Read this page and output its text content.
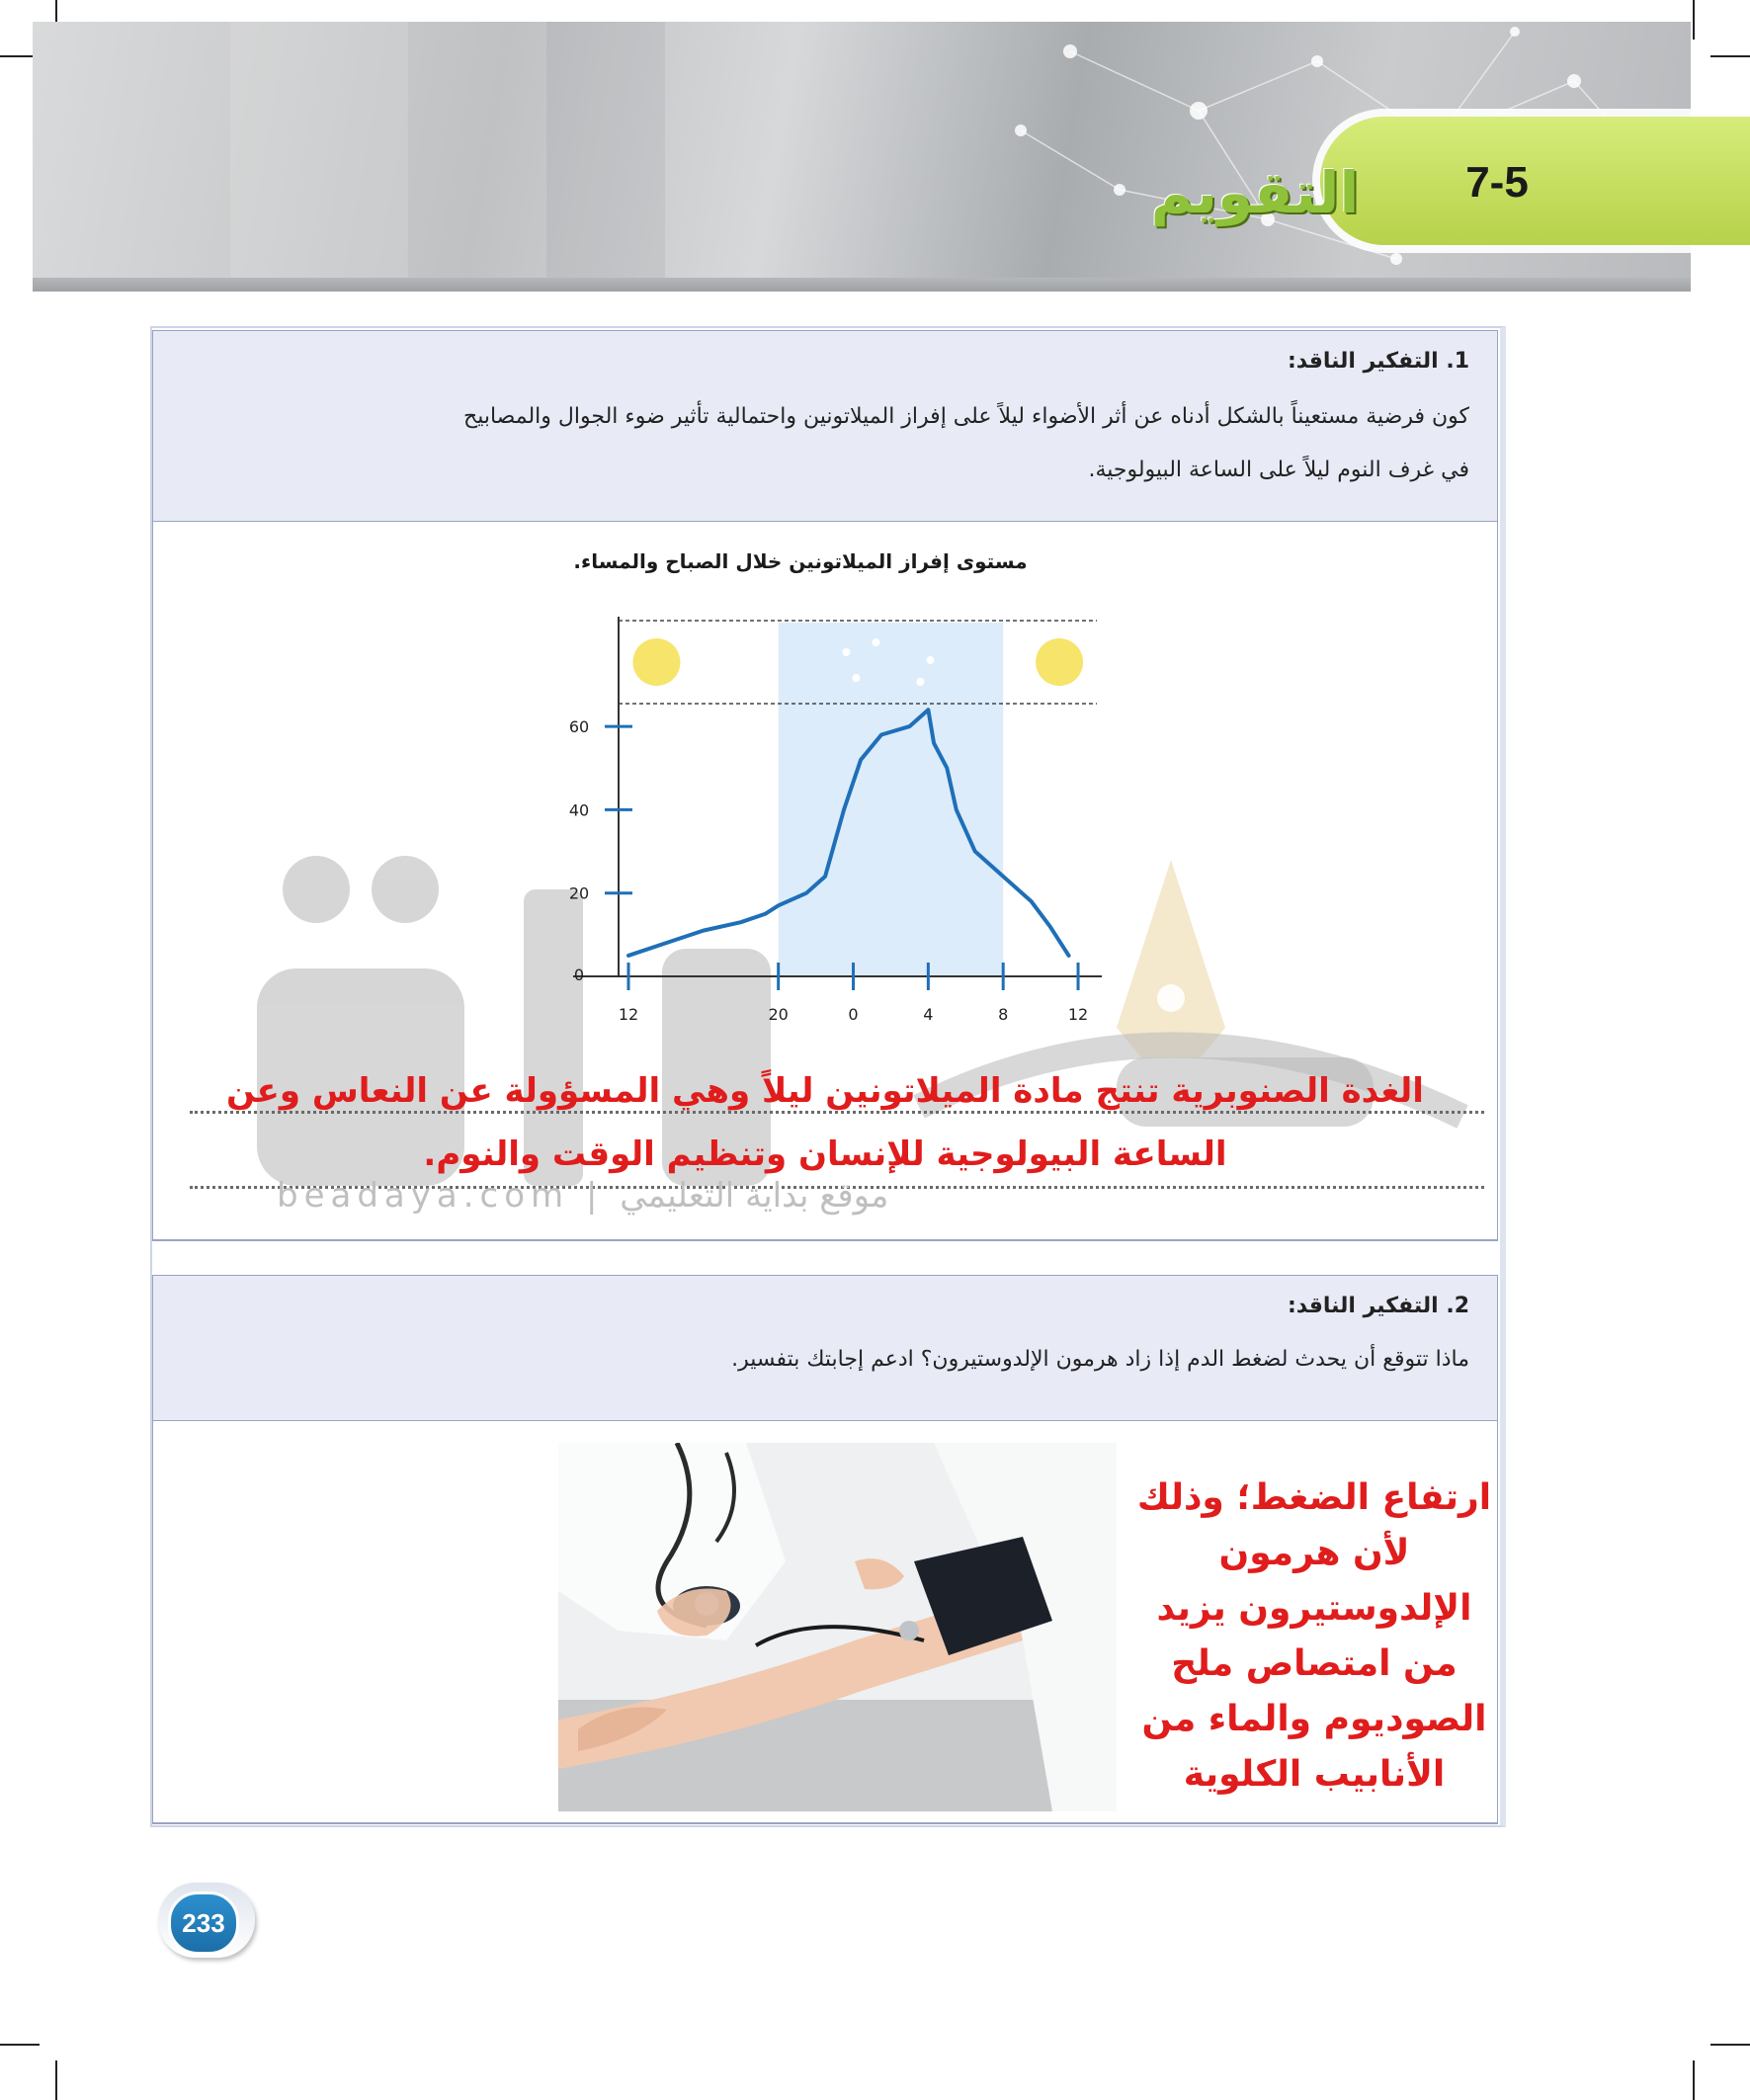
7-5
التقويم
1. التفكير الناقد:
كون فرضية مستعيناً بالشكل أدناه عن أثر الأضواء ليلاً على إفراز الميلاتونين واحتمالية تأثير ضوء الجوال والمصابيح
في غرف النوم ليلاً على الساعة البيولوجية.
مستوى إفراز الميلاتونين خلال الصباح والمساء.
0
20
40
60
12	20	0	4	8	12
الغدة الصنوبرية تنتج مادة الميلاتونين ليلاً وهي المسؤولة عن النعاس وعن
الساعة البيولوجية للإنسان وتنظيم الوقت والنوم.
beadaya.com | موقع بداية التعليمي
2. التفكير الناقد:
ماذا تتوقع أن يحدث لضغط الدم إذا زاد هرمون الإلدوستيرون؟ ادعم إجابتك بتفسير.
ارتفاع الضغط؛ وذلك
لأن هرمون
الإلدوستيرون يزيد
من امتصاص ملح
الصوديوم والماء من
الأنابيب الكلوية
233
